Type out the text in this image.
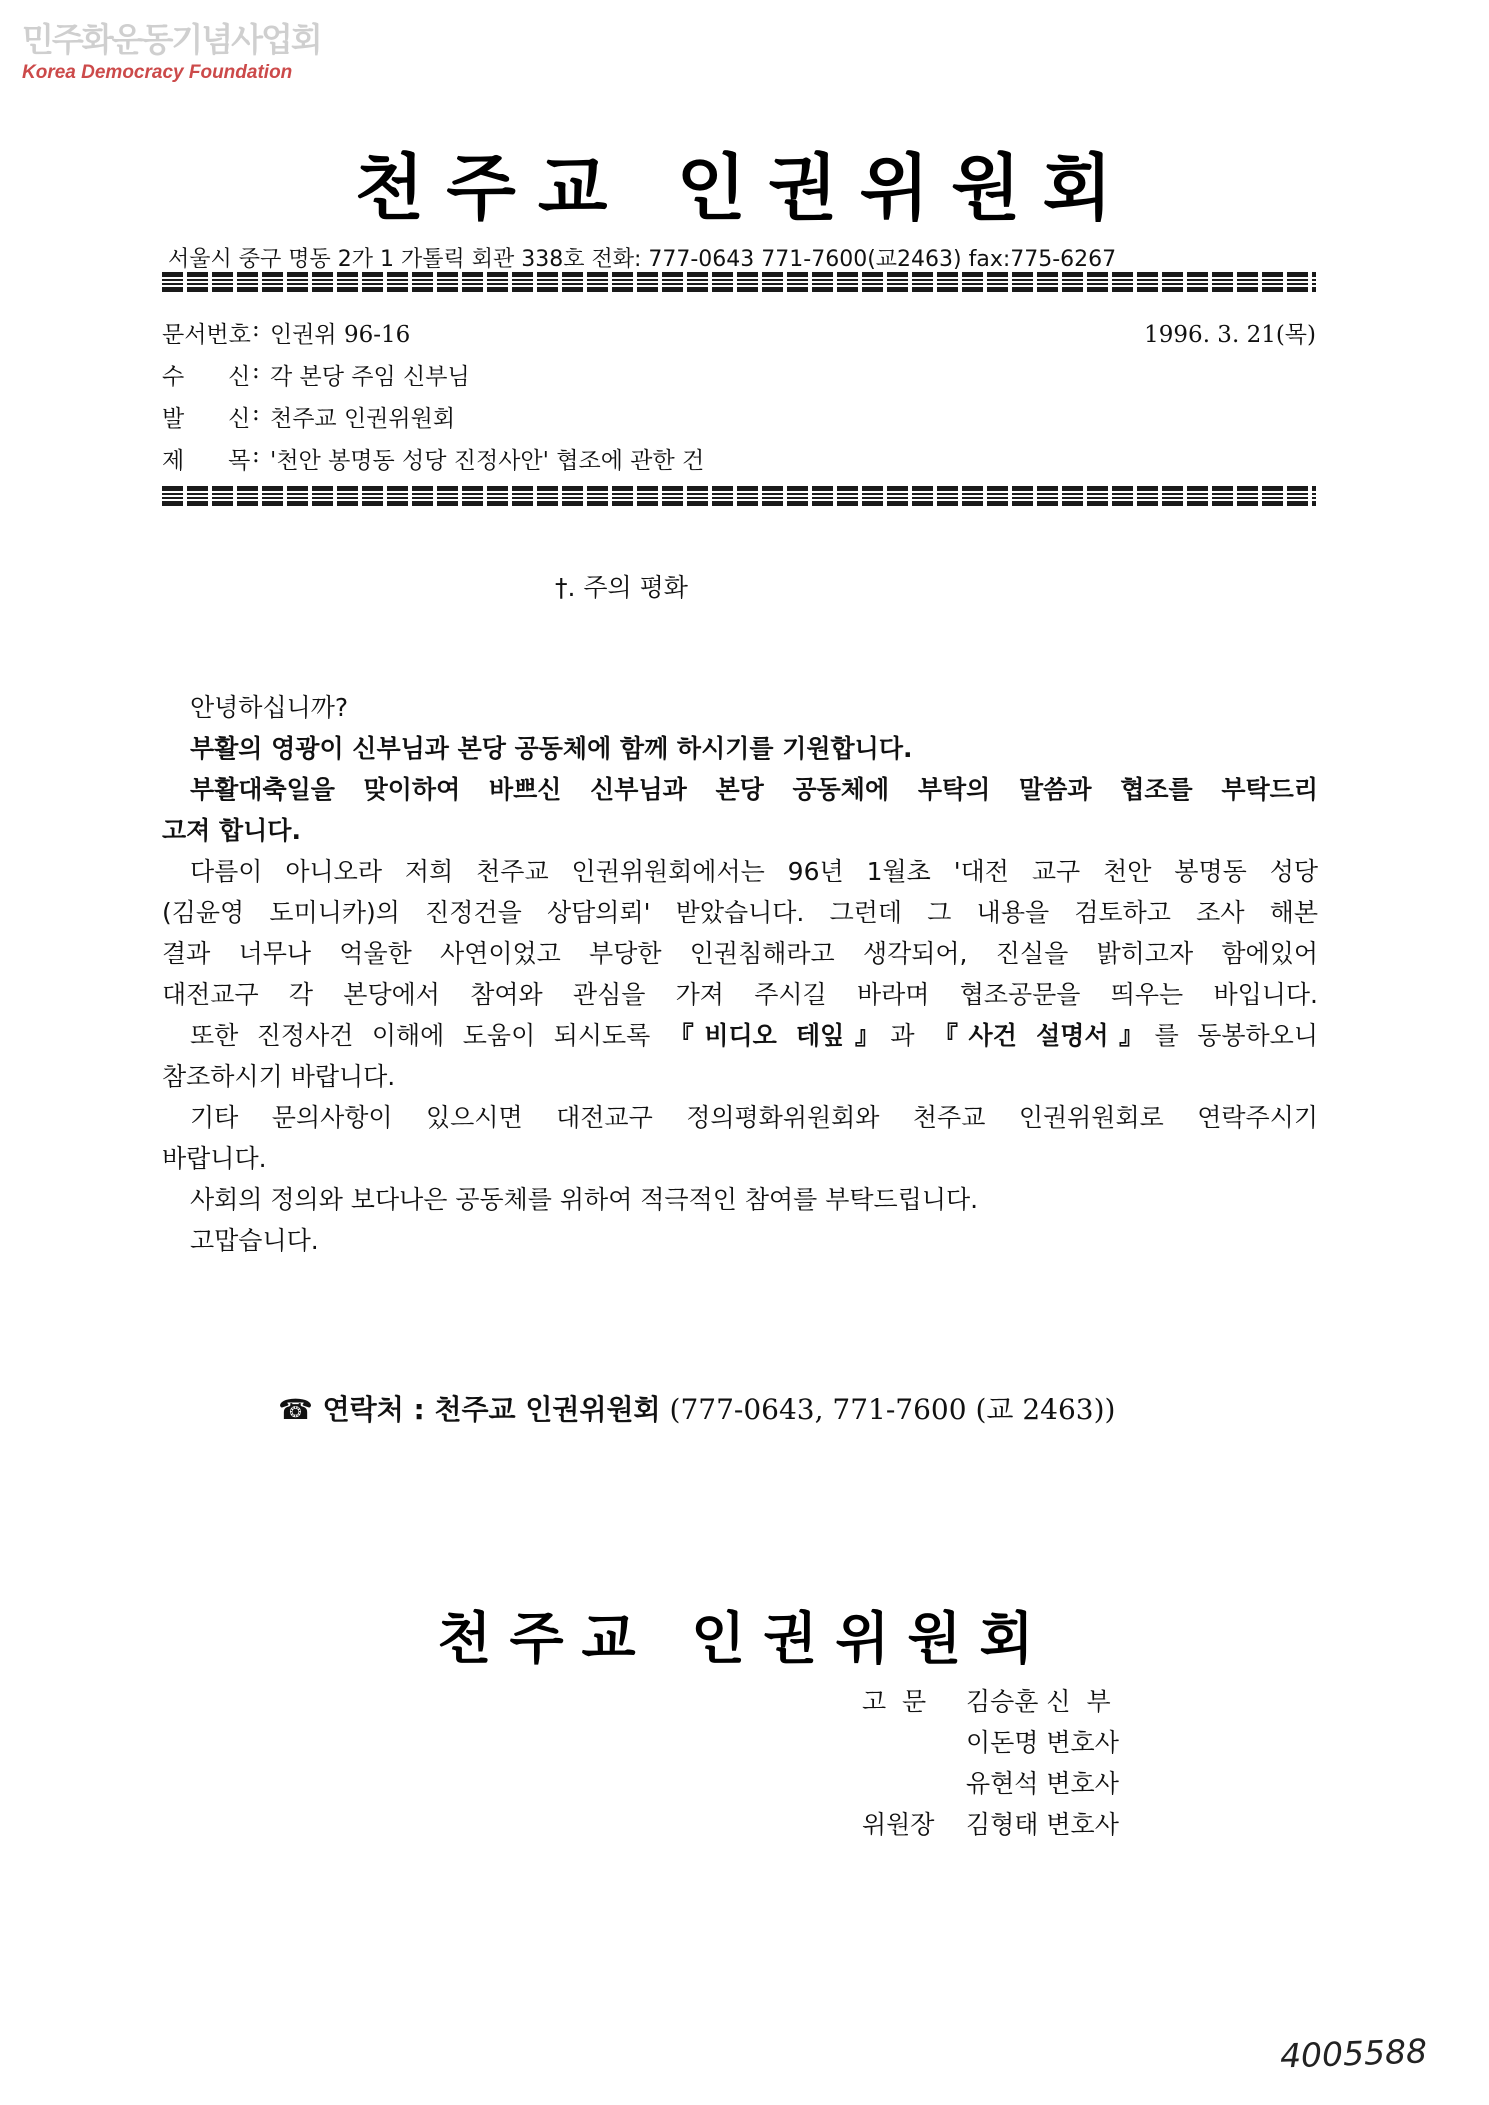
민주화운동기념사업회
Korea Democracy Foundation
천주교 인권위원회
서울시 중구 명동 2가 1 가톨릭 회관 338호 전화: 777-0643 771-7600(교2463) fax:775-6267
문서번호 : 인권위 96-16	1996. 3. 21(목)
수      신 : 각 본당 주임 신부님
발      신 : 천주교 인권위원회
제      목 : '천안 봉명동 성당 진정사안' 협조에 관한 건
†. 주의 평화
안녕하십니까?
부활의 영광이 신부님과 본당 공동체에 함께 하시기를 기원합니다.
부활대축일을 맞이하여 바쁘신 신부님과 본당 공동체에 부탁의 말씀과 협조를 부탁드리
고져 합니다.
다름이 아니오라 저희 천주교 인권위원회에서는 96년 1월초 '대전 교구 천안 봉명동 성당
(김윤영 도미니카)의 진정건을 상담의뢰' 받았습니다. 그런데 그 내용을 검토하고 조사 해본
결과 너무나 억울한 사연이었고 부당한 인권침해라고 생각되어, 진실을 밝히고자 함에있어
대전교구 각 본당에서 참여와 관심을 가져 주시길 바라며 협조공문을 띄우는 바입니다.
또한 진정사건 이해에 도움이 되시도록 『비디오 테잎』과 『사건 설명서』를 동봉하오니
참조하시기 바랍니다.
기타 문의사항이 있으시면 대전교구 정의평화위원회와 천주교 인권위원회로 연락주시기
바랍니다.
사회의 정의와 보다나은 공동체를 위하여 적극적인 참여를 부탁드립니다.
고맙습니다.
☎ 연락처 : 천주교 인권위원회 (777-0643, 771-7600 (교 2463))
천주교 인권위원회
고  문 김승훈 신  부
이돈명 변호사
유현석 변호사
위원장 김형태 변호사
4005588
